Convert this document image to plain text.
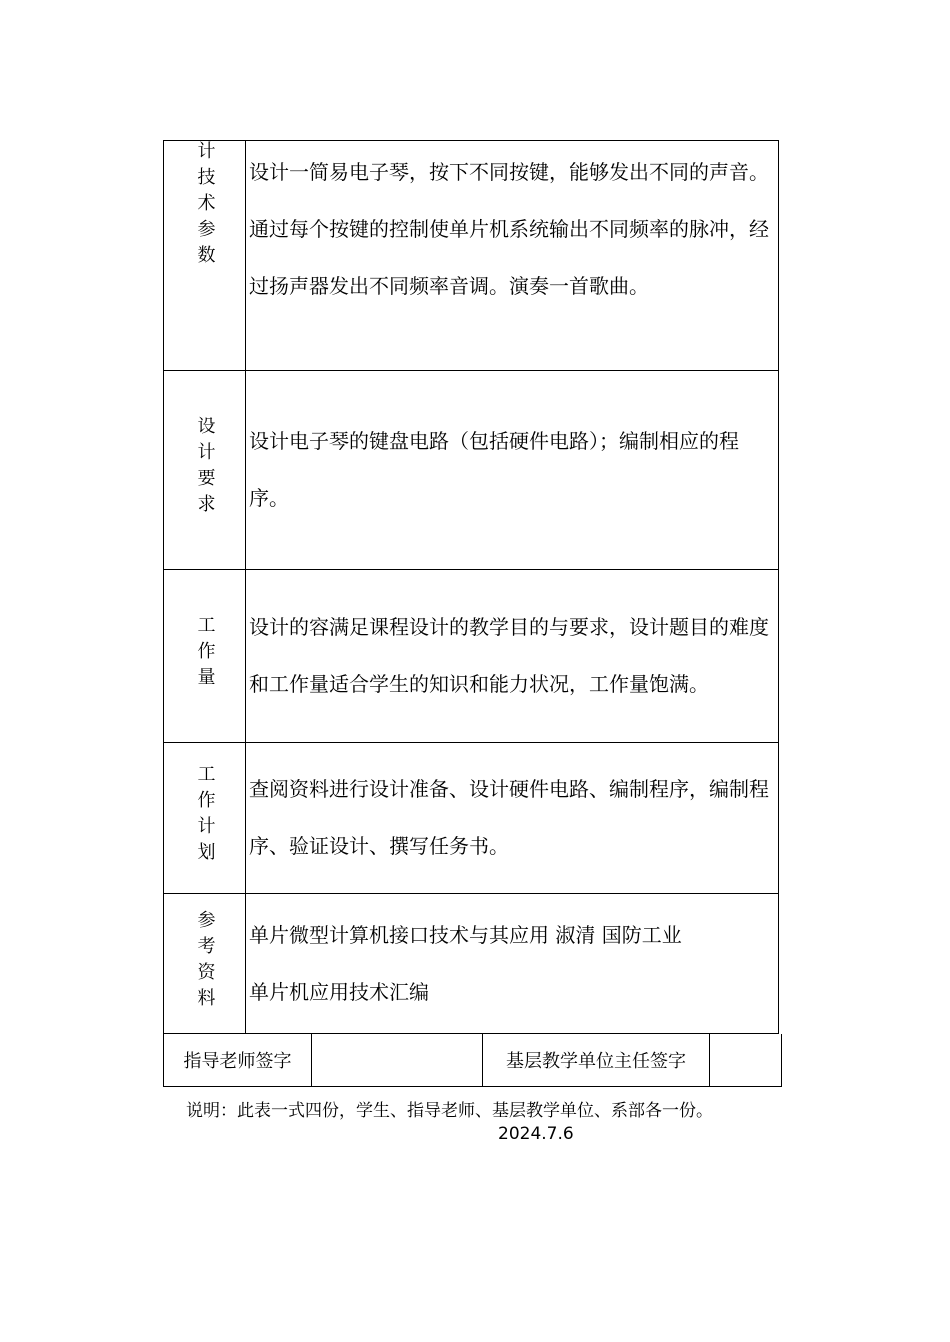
计技术参数	设计一简易电子琴，按下不同按键，能够发出不同的声音。通过每个按键的控制使单片机系统输出不同频率的脉冲，经过扬声器发出不同频率音调。演奏一首歌曲。
设计要求	设计电子琴的键盘电路（包括硬件电路）；编制相应的程序。
工作量	设计的容满足课程设计的教学目的与要求，设计题目的难度和工作量适合学生的知识和能力状况，工作量饱满。
工作计划	查阅资料进行设计准备、设计硬件电路、编制程序，编制程序、验证设计、撰写任务书。
参考资料	单片微型计算机接口技术与其应用 淑清 国防工业
单片机应用技术汇编
指导老师签字		基层教学单位主任签字	
说明：此表一式四份，学生、指导老师、基层教学单位、系部各一份。
2024.7.6
